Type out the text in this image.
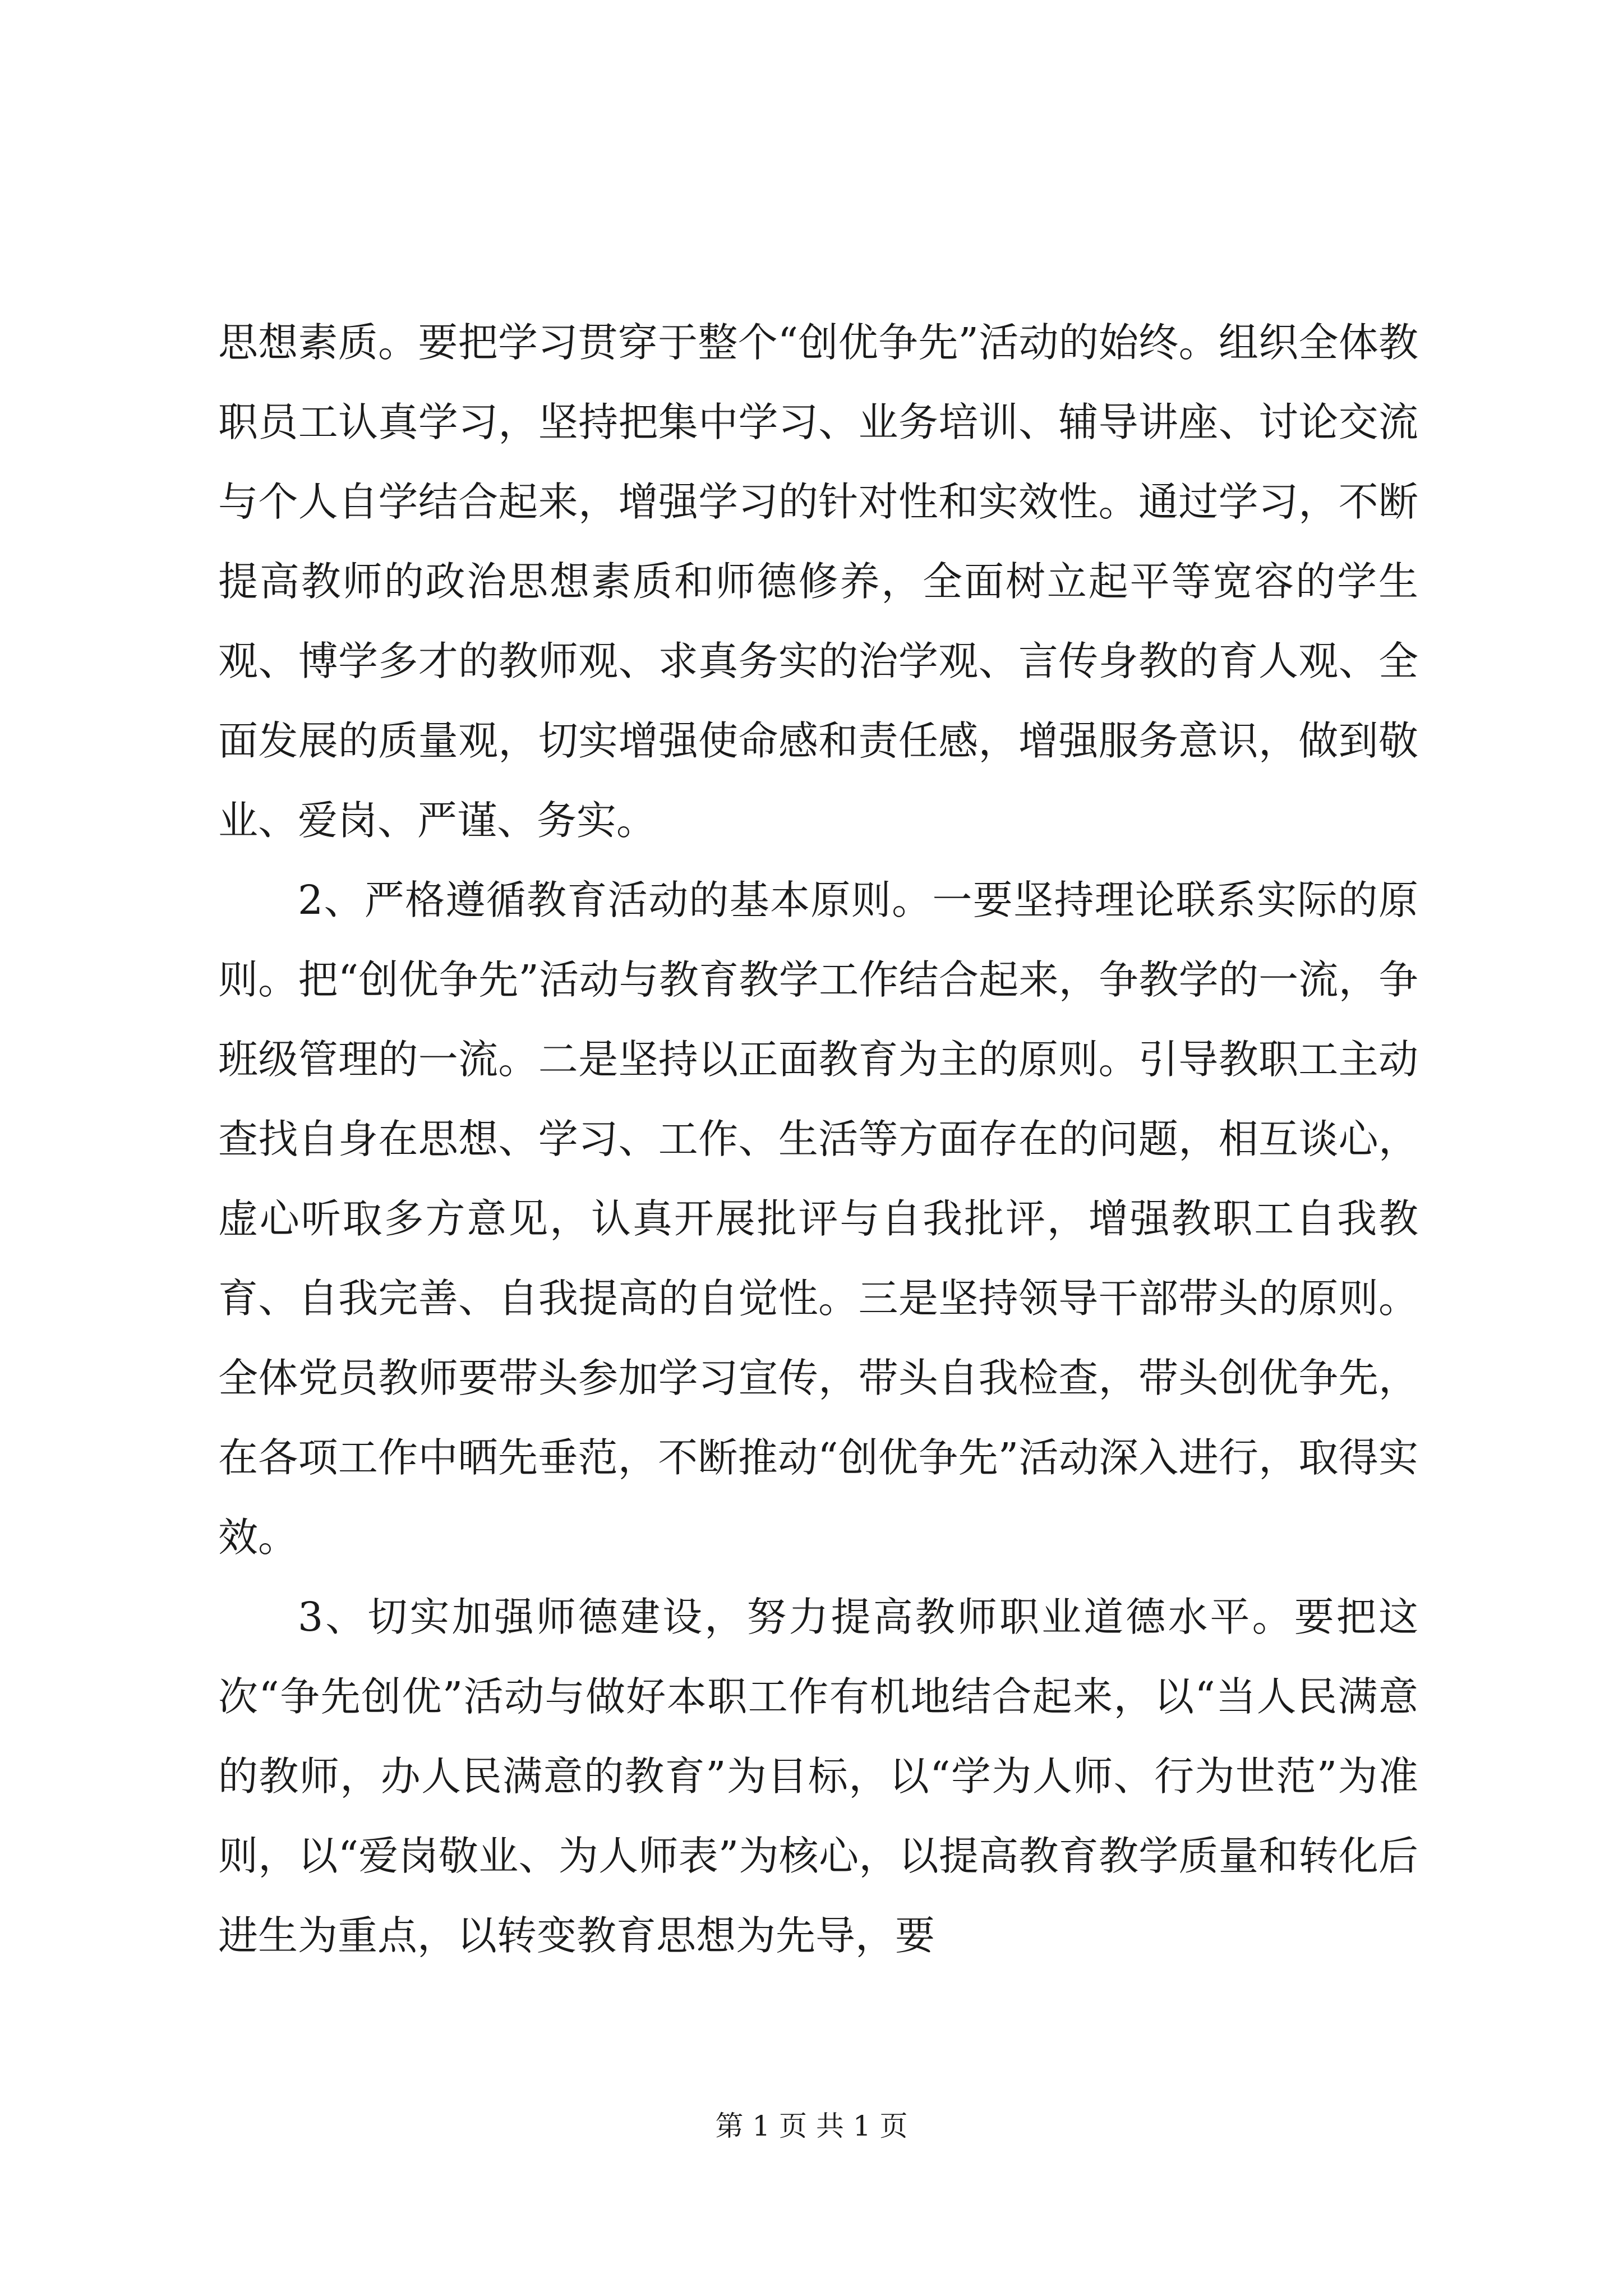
思想素质。要把学习贯穿于整个“创优争先”活动的始终。组织全体教职员工认真学习，坚持把集中学习、业务培训、辅导讲座、讨论交流与个人自学结合起来，增强学习的针对性和实效性。通过学习，不断提高教师的政治思想素质和师德修养，全面树立起平等宽容的学生观、博学多才的教师观、求真务实的治学观、言传身教的育人观、全面发展的质量观，切实增强使命感和责任感，增强服务意识，做到敬业、爱岗、严谨、务实。

2、严格遵循教育活动的基本原则。一要坚持理论联系实际的原则。把“创优争先”活动与教育教学工作结合起来，争教学的一流，争班级管理的一流。二是坚持以正面教育为主的原则。引导教职工主动查找自身在思想、学习、工作、生活等方面存在的问题，相互谈心，虚心听取多方意见，认真开展批评与自我批评，增强教职工自我教育、自我完善、自我提高的自觉性。三是坚持领导干部带头的原则。全体党员教师要带头参加学习宣传，带头自我检查，带头创优争先，在各项工作中晒先垂范，不断推动“创优争先”活动深入进行，取得实效。

3、切实加强师德建设，努力提高教师职业道德水平。要把这次“争先创优”活动与做好本职工作有机地结合起来，以“当人民满意的教师，办人民满意的教育”为目标，以“学为人师、行为世范”为准则，以“爱岗敬业、为人师表”为核心，以提高教育教学质量和转化后进生为重点，以转变教育思想为先导，要

第 1 页 共 1 页
